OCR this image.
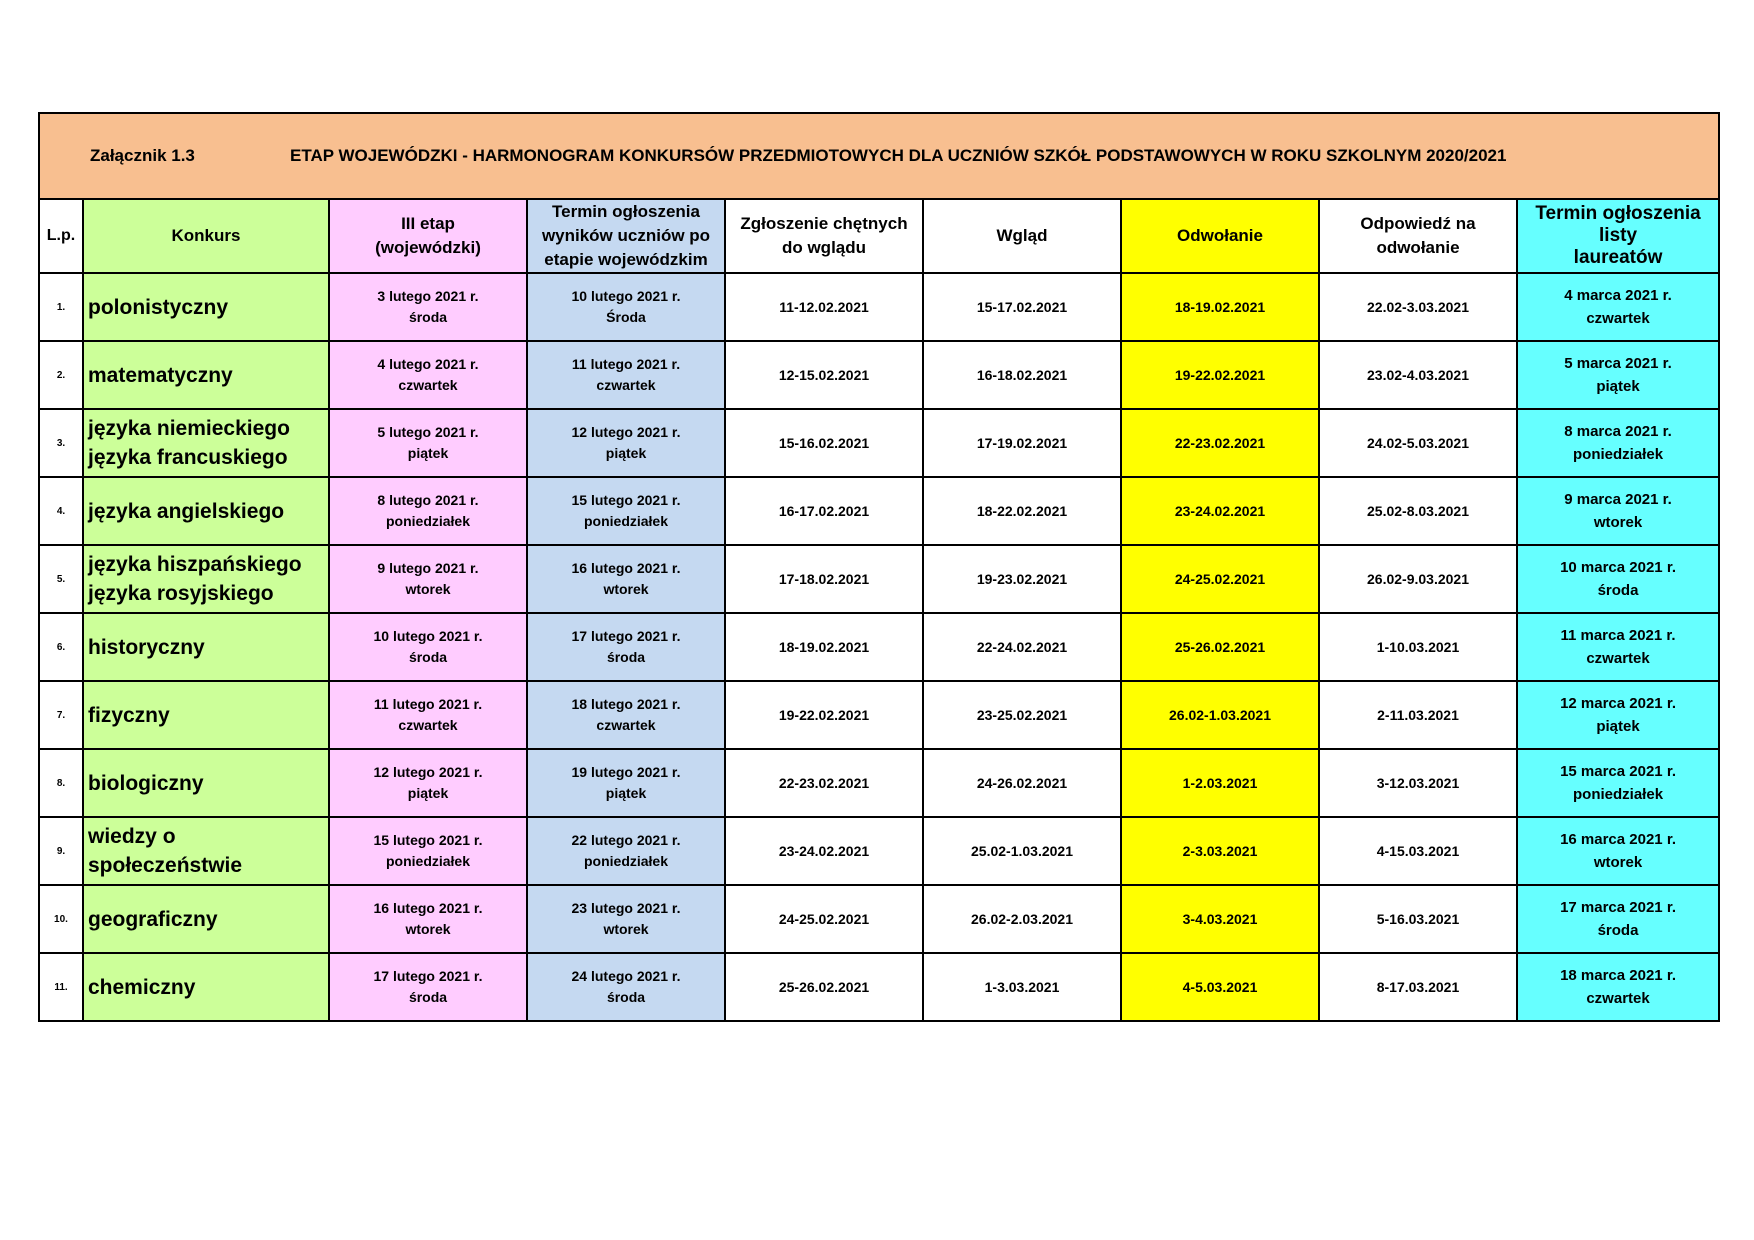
Załącznik 1.3 ETAP WOJEWÓDZKI - HARMONOGRAM KONKURSÓW PRZEDMIOTOWYCH DLA UCZNIÓW SZKÓŁ PODSTAWOWYCH W ROKU SZKOLNYM 2020/2021								

L.p.	Konkurs	III etap
(wojewódzki)	Termin ogłoszenia
wyników uczniów po
etapie wojewódzkim	Zgłoszenie chętnych
do wglądu	Wgląd	Odwołanie	Odpowiedź na
odwołanie	Termin ogłoszenia
listy
laureatów

1.	polonistyczny	3 lutego 2021 r.
środa	10 lutego 2021 r.
Środa	11-12.02.2021	15-17.02.2021	18-19.02.2021	22.02-3.03.2021	4 marca 2021 r.
czwartek

2.	matematyczny	4 lutego 2021 r.
czwartek	11 lutego 2021 r.
czwartek	12-15.02.2021	16-18.02.2021	19-22.02.2021	23.02-4.03.2021	5 marca 2021 r.
piątek

3.	języka niemieckiego
języka francuskiego	5 lutego 2021 r.
piątek	12 lutego 2021 r.
piątek	15-16.02.2021	17-19.02.2021	22-23.02.2021	24.02-5.03.2021	8 marca 2021 r.
poniedziałek

4.	języka angielskiego	8 lutego 2021 r.
poniedziałek	15 lutego 2021 r.
poniedziałek	16-17.02.2021	18-22.02.2021	23-24.02.2021	25.02-8.03.2021	9 marca 2021 r.
wtorek

5.	języka hiszpańskiego
języka rosyjskiego	9 lutego 2021 r.
wtorek	16 lutego 2021 r.
wtorek	17-18.02.2021	19-23.02.2021	24-25.02.2021	26.02-9.03.2021	10 marca 2021 r.
środa

6.	historyczny	10 lutego 2021 r.
środa	17 lutego 2021 r.
środa	18-19.02.2021	22-24.02.2021	25-26.02.2021	1-10.03.2021	11 marca 2021 r.
czwartek

7.	fizyczny	11 lutego 2021 r.
czwartek	18 lutego 2021 r.
czwartek	19-22.02.2021	23-25.02.2021	26.02-1.03.2021	2-11.03.2021	12 marca 2021 r.
piątek

8.	biologiczny	12 lutego 2021 r.
piątek	19 lutego 2021 r.
piątek	22-23.02.2021	24-26.02.2021	1-2.03.2021	3-12.03.2021	15 marca 2021 r.
poniedziałek

9.	wiedzy o społeczeństwie	15 lutego 2021 r.
poniedziałek	22 lutego 2021 r.
poniedziałek	23-24.02.2021	25.02-1.03.2021	2-3.03.2021	4-15.03.2021	16 marca 2021 r.
wtorek

10.	geograficzny	16 lutego 2021 r.
wtorek	23 lutego 2021 r.
wtorek	24-25.02.2021	26.02-2.03.2021	3-4.03.2021	5-16.03.2021	17 marca 2021 r.
środa

11.	chemiczny	17 lutego 2021 r.
środa	24 lutego 2021 r.
środa	25-26.02.2021	1-3.03.2021	4-5.03.2021	8-17.03.2021	18 marca 2021 r.
czwartek
